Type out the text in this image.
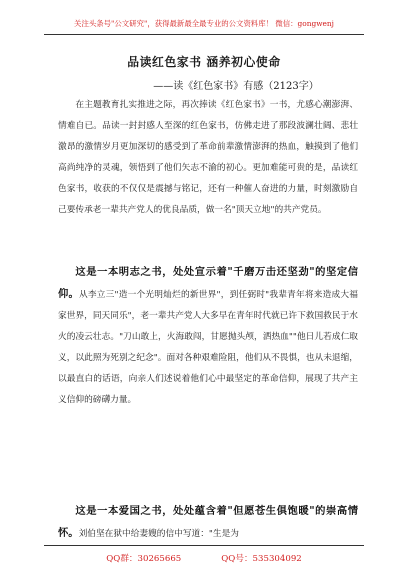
关注头条号"公文研究"，获得最新最全最专业的公文资料库！ 微信：gongwenj
品读红色家书 涵养初心使命
——读《红色家书》有感（2123字）
在主题教育扎实推进之际，再次捧读《红色家书》一书，尤感心潮澎湃、情难自已。品读一封封感人至深的红色家书，仿佛走进了那段波澜壮阔、悲壮激昂的激情岁月更加深切的感受到了革命前辈激情澎湃的热血，触摸到了他们高尚纯净的灵魂，领悟到了他们矢志不渝的初心。更加难能可贵的是，品读红色家书，收获的不仅仅是震撼与铭记，还有一种催人奋进的力量，时刻激励自己要传承老一辈共产党人的优良品质，做一名"顶天立地"的共产党员。
这是一本明志之书，处处宣示着"千磨万击还坚劲"的坚定信仰。从李立三"造一个光明灿烂的新世界"，到任弼时"我辈青年将来造成大福家世界，同天同乐"，老一辈共产党人大多早在青年时代就已许下救国救民于水火的凌云壮志。"刀山敢上，火海敢闯，甘愿抛头颅，洒热血""他日儿若成仁取义，以此照为死别之纪念"。面对各种艰难险阻，他们从不畏惧，也从未退缩，以最直白的话语，向亲人们述说着他们心中最坚定的革命信仰，展现了共产主义信仰的磅礴力量。
这是一本爱国之书，处处蕴含着"但愿苍生俱饱暖"的崇高情怀。刘伯坚在狱中给妻嫂的信中写道："生是为
QQ群：30265665	QQ号：535304092
